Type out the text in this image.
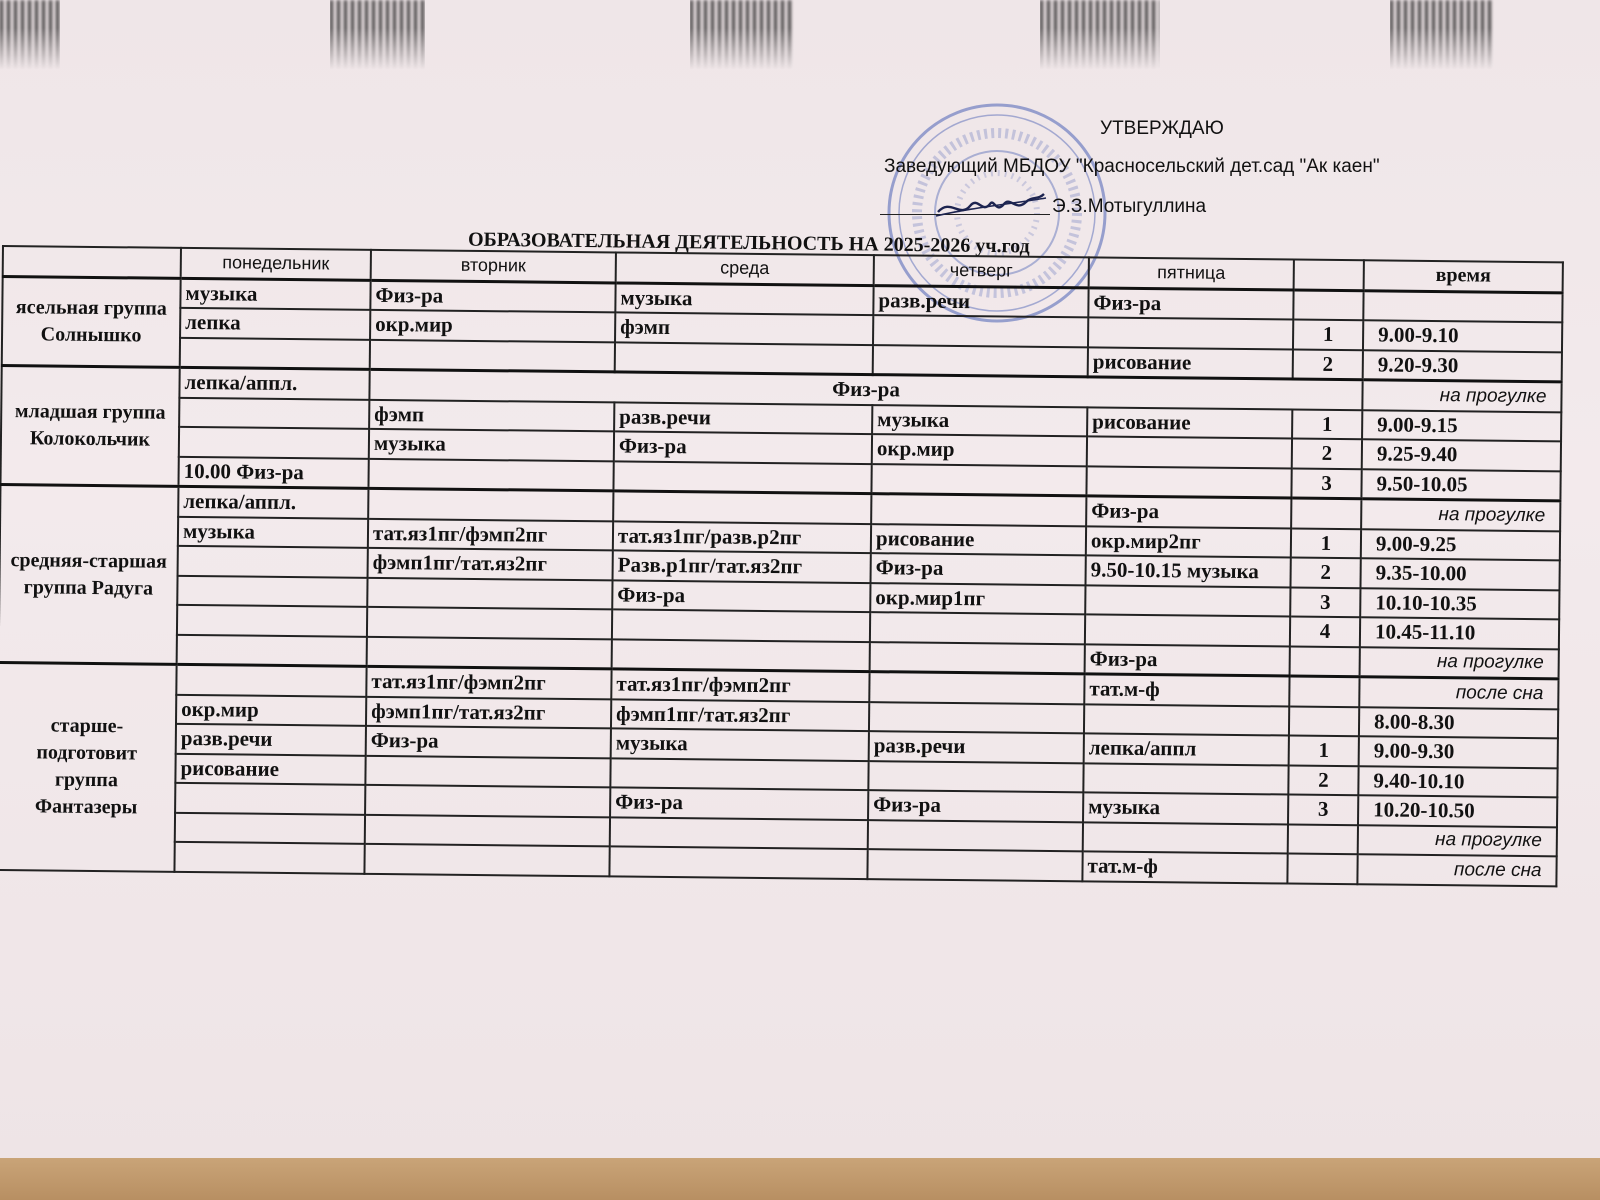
УТВЕРЖДАЮ
Заведующий МБДОУ "Красносельский дет.сад "Ак каен"
Э.З.Мотыгуллина
ОБРАЗОВАТЕЛЬНАЯ ДЕЯТЕЛЬНОСТЬ НА 2025-2026 уч.год
	понедельник	вторник	среда	четверг	пятница		время
ясельная группа Солнышко	музыка	Физ-ра	музыка	разв.речи	Физ-ра		
	лепка	окр.мир	фэмп			1	9.00-9.10
					рисование	2	9.20-9.30
младшая группа Колокольчик	лепка/аппл.	Физ-ра					на прогулке
		фэмп	разв.речи	музыка	рисование	1	9.00-9.15
		музыка	Физ-ра	окр.мир		2	9.25-9.40
	10.00 Физ-ра					3	9.50-10.05
средняя-старшая группа Радуга	лепка/аппл.				Физ-ра		на прогулке
	музыка	тат.яз1пг/фэмп2пг	тат.яз1пг/разв.р2пг	рисование	окр.мир2пг	1	9.00-9.25
		фэмп1пг/тат.яз2пг	Разв.р1пг/тат.яз2пг	Физ-ра	9.50-10.15 музыка	2	9.35-10.00
			Физ-ра	окр.мир1пг		3	10.10-10.35
						4	10.45-11.10
					Физ-ра		на прогулке
старше-подготовит группа Фантазеры		тат.яз1пг/фэмп2пг	тат.яз1пг/фэмп2пг		тат.м-ф		после сна
	окр.мир	фэмп1пг/тат.яз2пг	фэмп1пг/тат.яз2пг				8.00-8.30
	разв.речи	Физ-ра	музыка	разв.речи	лепка/аппл	1	9.00-9.30
	рисование					2	9.40-10.10
			Физ-ра	Физ-ра	музыка	3	10.20-10.50
							на прогулке
					тат.м-ф		после сна
